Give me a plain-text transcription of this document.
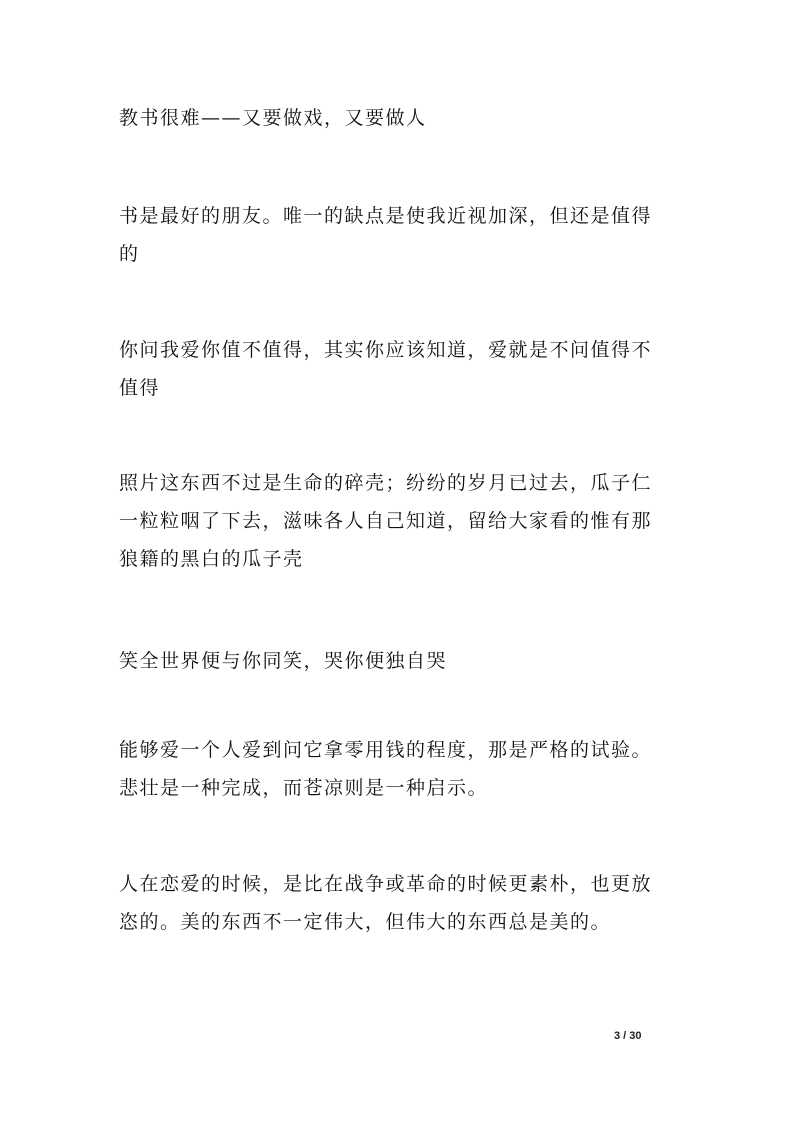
教书很难——又要做戏，又要做人

书是最好的朋友。唯一的缺点是使我近视加深，但还是值得
的

你问我爱你值不值得，其实你应该知道，爱就是不问值得不
值得

照片这东西不过是生命的碎壳；纷纷的岁月已过去，瓜子仁
一粒粒咽了下去，滋味各人自己知道，留给大家看的惟有那
狼籍的黑白的瓜子壳

笑全世界便与你同笑，哭你便独自哭

能够爱一个人爱到问它拿零用钱的程度，那是严格的试验。
悲壮是一种完成，而苍凉则是一种启示。

人在恋爱的时候，是比在战争或革命的时候更素朴，也更放
恣的。美的东西不一定伟大，但伟大的东西总是美的。

3 / 30
